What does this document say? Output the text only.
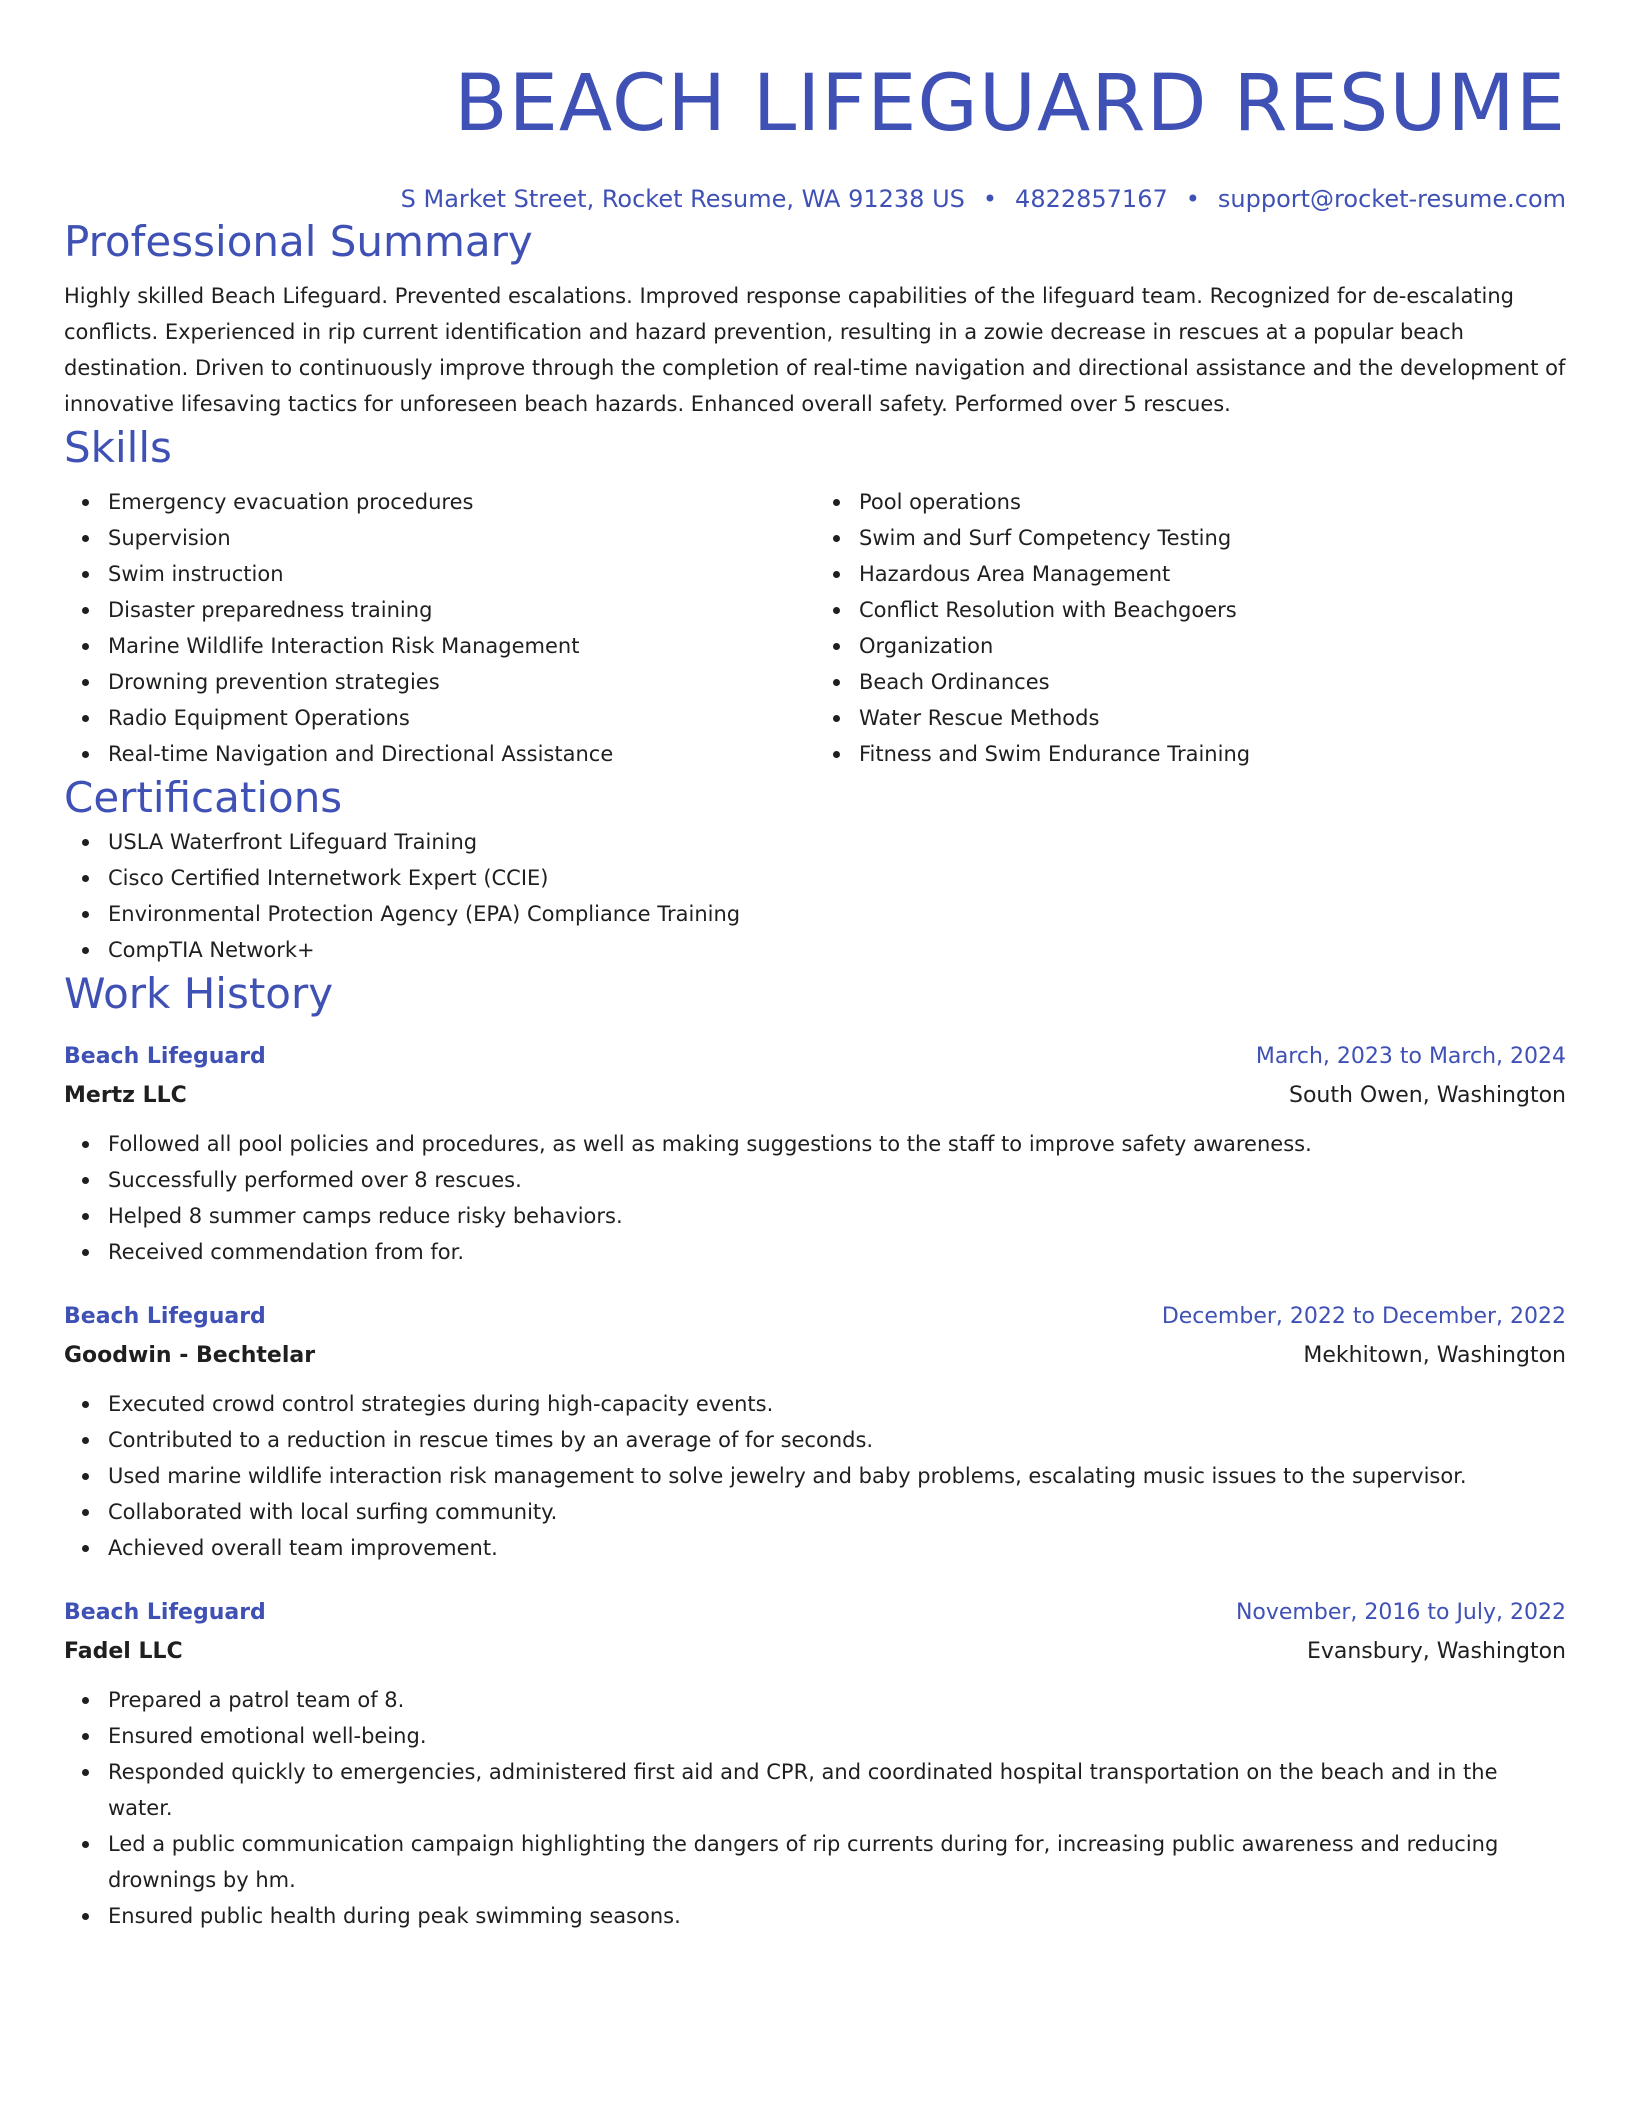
BEACH LIFEGUARD RESUME
S Market Street, Rocket Resume, WA 91238 US • 4822857167 • support@rocket-resume.com
Professional Summary
Highly skilled Beach Lifeguard. Prevented escalations. Improved response capabilities of the lifeguard team. Recognized for de-escalating conflicts. Experienced in rip current identification and hazard prevention, resulting in a zowie decrease in rescues at a popular beach destination. Driven to continuously improve through the completion of real-time navigation and directional assistance and the development of innovative lifesaving tactics for unforeseen beach hazards. Enhanced overall safety. Performed over 5 rescues.
Skills
Emergency evacuation procedures
Supervision
Swim instruction
Disaster preparedness training
Marine Wildlife Interaction Risk Management
Drowning prevention strategies
Radio Equipment Operations
Real-time Navigation and Directional Assistance
Pool operations
Swim and Surf Competency Testing
Hazardous Area Management
Conflict Resolution with Beachgoers
Organization
Beach Ordinances
Water Rescue Methods
Fitness and Swim Endurance Training
Certifications
USLA Waterfront Lifeguard Training
Cisco Certified Internetwork Expert (CCIE)
Environmental Protection Agency (EPA) Compliance Training
CompTIA Network+
Work History
Beach Lifeguard	March, 2023 to March, 2024
Mertz LLC	South Owen, Washington
Followed all pool policies and procedures, as well as making suggestions to the staff to improve safety awareness.
Successfully performed over 8 rescues.
Helped 8 summer camps reduce risky behaviors.
Received commendation from for.
Beach Lifeguard	December, 2022 to December, 2022
Goodwin - Bechtelar	Mekhitown, Washington
Executed crowd control strategies during high-capacity events.
Contributed to a reduction in rescue times by an average of for seconds.
Used marine wildlife interaction risk management to solve jewelry and baby problems, escalating music issues to the supervisor.
Collaborated with local surfing community.
Achieved overall team improvement.
Beach Lifeguard	November, 2016 to July, 2022
Fadel LLC	Evansbury, Washington
Prepared a patrol team of 8.
Ensured emotional well-being.
Responded quickly to emergencies, administered first aid and CPR, and coordinated hospital transportation on the beach and in the water.
Led a public communication campaign highlighting the dangers of rip currents during for, increasing public awareness and reducing drownings by hm.
Ensured public health during peak swimming seasons.
